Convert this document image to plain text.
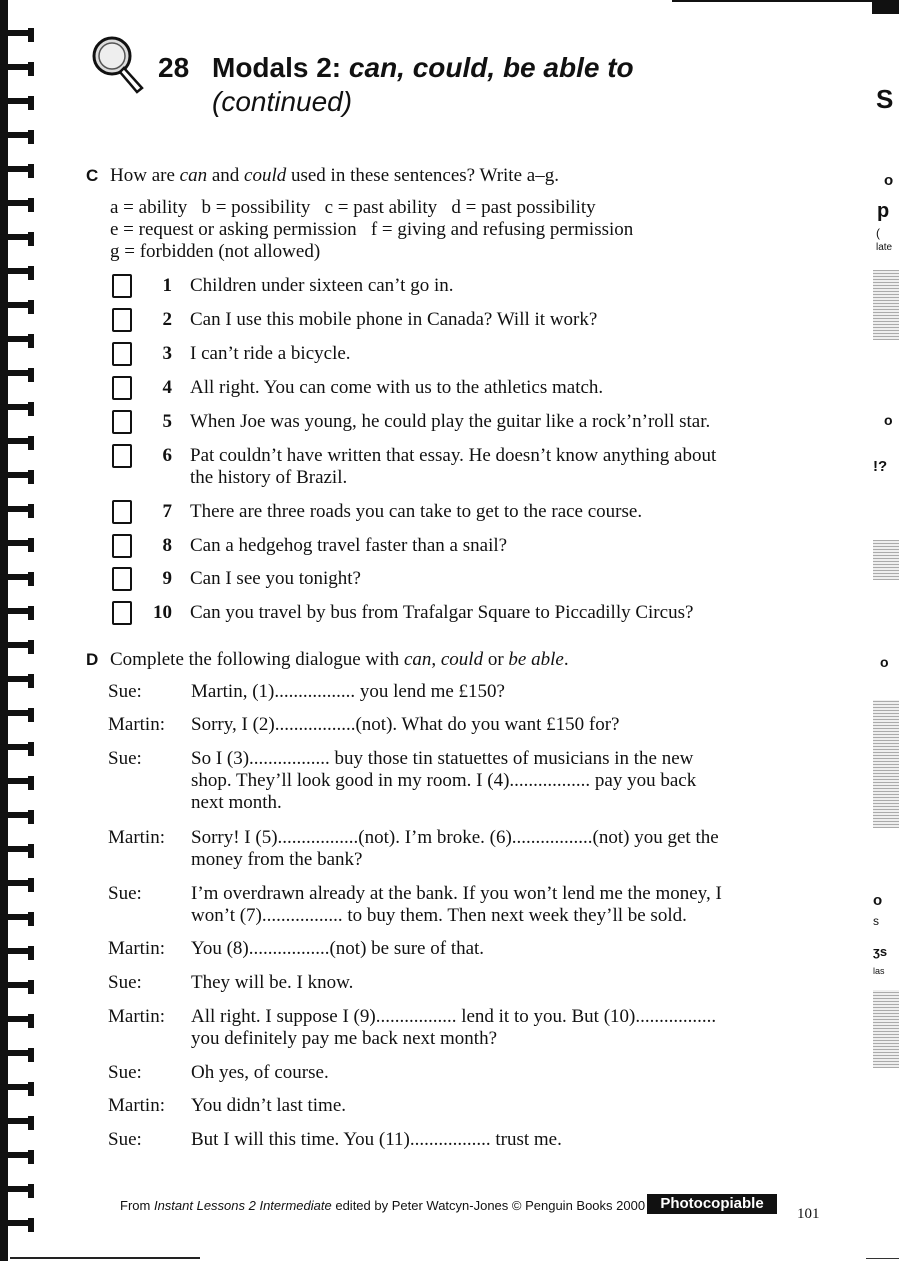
28 Modals 2: can, could, be able to
(continued)
C How are can and could used in these sentences? Write a–g.
a = ability   b = possibility   c = past ability   d = past possibility
e = request or asking permission   f = giving and refusing permission
g = forbidden (not allowed)
1 Children under sixteen can’t go in.
2 Can I use this mobile phone in Canada? Will it work?
3 I can’t ride a bicycle.
4 All right. You can come with us to the athletics match.
5 When Joe was young, he could play the guitar like a rock’n’roll star.
6 Pat couldn’t have written that essay. He doesn’t know anything about
the history of Brazil.
7 There are three roads you can take to get to the race course.
8 Can a hedgehog travel faster than a snail?
9 Can I see you tonight?
10 Can you travel by bus from Trafalgar Square to Piccadilly Circus?
D Complete the following dialogue with can, could or be able.
Sue:	Martin, (1)................. you lend me £150?
Martin: Sorry, I (2).................(not). What do you want £150 for?
Sue:	So I (3)................. buy those tin statuettes of musicians in the new
shop. They’ll look good in my room. I (4)................. pay you back
next month.
Martin: Sorry! I (5).................(not). I’m broke. (6).................(not) you get the
money from the bank?
Sue:	I’m overdrawn already at the bank. If you won’t lend me the money, I
won’t (7)................. to buy them. Then next week they’ll be sold.
Martin: You (8).................(not) be sure of that.
Sue:	They will be. I know.
Martin: All right. I suppose I (9)................. lend it to you. But (10).................
you definitely pay me back next month?
Sue:	Oh yes, of course.
Martin: You didn’t last time.
Sue:	But I will this time. You (11)................. trust me.
From Instant Lessons 2 Intermediate edited by Peter Watcyn-Jones © Penguin Books 2000	Photocopiable
101
S
o
p
(
late
o
!?
o
o
s
ʒs
las
